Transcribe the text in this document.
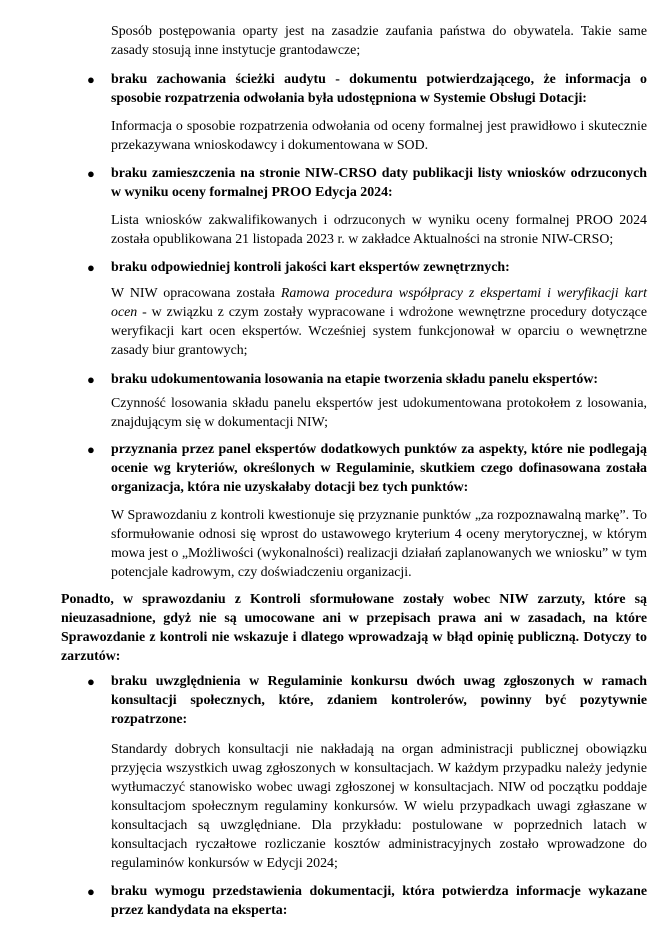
Sposób postępowania oparty jest na zasadzie zaufania państwa do obywatela. Takie same zasady stosują inne instytucje grantodawcze;

● braku zachowania ścieżki audytu - dokumentu potwierdzającego, że informacja o sposobie rozpatrzenia odwołania była udostępniona w Systemie Obsługi Dotacji:

Informacja o sposobie rozpatrzenia odwołania od oceny formalnej jest prawidłowo i skutecznie przekazywana wnioskodawcy i dokumentowana w SOD.

● braku zamieszczenia na stronie NIW-CRSO daty publikacji listy wniosków odrzuconych w wyniku oceny formalnej PROO Edycja 2024:

Lista wniosków zakwalifikowanych i odrzuconych w wyniku oceny formalnej PROO 2024 została opublikowana 21 listopada 2023 r. w zakładce Aktualności na stronie NIW-CRSO;

● braku odpowiedniej kontroli jakości kart ekspertów zewnętrznych:

W NIW opracowana została Ramowa procedura współpracy z ekspertami i weryfikacji kart ocen - w związku z czym zostały wypracowane i wdrożone wewnętrzne procedury dotyczące weryfikacji kart ocen ekspertów. Wcześniej system funkcjonował w oparciu o wewnętrzne zasady biur grantowych;

● braku udokumentowania losowania na etapie tworzenia składu panelu ekspertów:

Czynność losowania składu panelu ekspertów jest udokumentowana protokołem z losowania, znajdującym się w dokumentacji NIW;

● przyznania przez panel ekspertów dodatkowych punktów za aspekty, które nie podlegają ocenie wg kryteriów, określonych w Regulaminie, skutkiem czego dofinasowana została organizacja, która nie uzyskałaby dotacji bez tych punktów:

W Sprawozdaniu z kontroli kwestionuje się przyznanie punktów „za rozpoznawalną markę”. To sformułowanie odnosi się wprost do ustawowego kryterium 4 oceny merytorycznej, w którym mowa jest o „Możliwości (wykonalności) realizacji działań zaplanowanych we wniosku” w tym potencjale kadrowym, czy doświadczeniu organizacji.

Ponadto, w sprawozdaniu z Kontroli sformułowane zostały wobec NIW zarzuty, które są nieuzasadnione, gdyż nie są umocowane ani w przepisach prawa ani w zasadach, na które Sprawozdanie z kontroli nie wskazuje i dlatego wprowadzają w błąd opinię publiczną. Dotyczy to zarzutów:

● braku uwzględnienia w Regulaminie konkursu dwóch uwag zgłoszonych w ramach konsultacji społecznych, które, zdaniem kontrolerów, powinny być pozytywnie rozpatrzone:

Standardy dobrych konsultacji nie nakładają na organ administracji publicznej obowiązku przyjęcia wszystkich uwag zgłoszonych w konsultacjach. W każdym przypadku należy jedynie wytłumaczyć stanowisko wobec uwagi zgłoszonej w konsultacjach. NIW od początku poddaje konsultacjom społecznym regulaminy konkursów. W wielu przypadkach uwagi zgłaszane w konsultacjach są uwzględniane. Dla przykładu: postulowane w poprzednich latach w konsultacjach ryczałtowe rozliczanie kosztów administracyjnych zostało wprowadzone do regulaminów konkursów w Edycji 2024;

● braku wymogu przedstawienia dokumentacji, która potwierdza informacje wykazane przez kandydata na eksperta:
